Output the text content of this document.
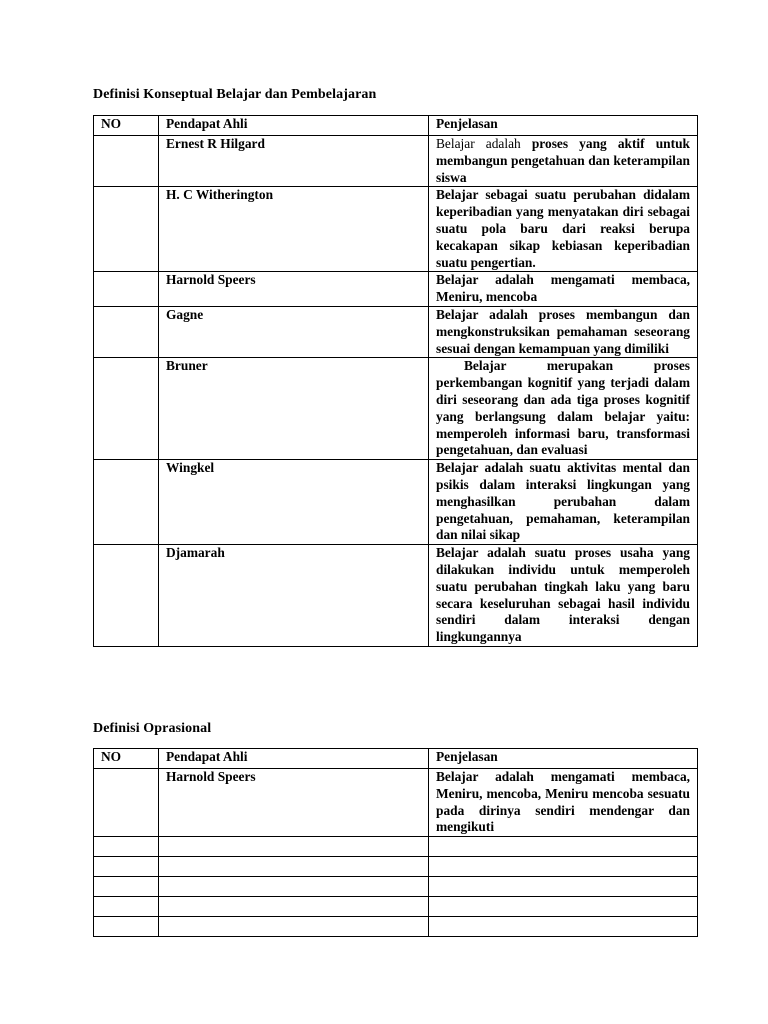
Definisi Konseptual Belajar dan Pembelajaran
NO	Pendapat Ahli	Penjelasan
	Ernest R Hilgard	Belajar adalah proses yang aktif untuk membangun pengetahuan dan keterampilan siswa
	H. C Witherington	Belajar sebagai suatu perubahan didalam keperibadian yang menyatakan diri sebagai suatu pola baru dari reaksi berupa kecakapan sikap kebiasan keperibadian suatu pengertian.
	Harnold Speers	Belajar adalah mengamati membaca, Meniru, mencoba
	Gagne	Belajar adalah proses membangun dan mengkonstruksikan pemahaman seseorang sesuai dengan kemampuan yang dimiliki
	Bruner	Belajar merupakan proses perkembangan kognitif yang terjadi dalam diri seseorang dan ada tiga proses kognitif yang berlangsung dalam belajar yaitu: memperoleh informasi baru, transformasi pengetahuan, dan evaluasi
	Wingkel	Belajar adalah suatu aktivitas mental dan psikis dalam interaksi lingkungan yang menghasilkan perubahan dalam pengetahuan, pemahaman, keterampilan dan nilai sikap
	Djamarah	Belajar adalah suatu proses usaha yang dilakukan individu untuk memperoleh suatu perubahan tingkah laku yang baru secara keseluruhan sebagai hasil individu sendiri dalam interaksi dengan lingkungannya
Definisi Oprasional
NO	Pendapat Ahli	Penjelasan
	Harnold Speers	Belajar adalah mengamati membaca, Meniru, mencoba, Meniru mencoba sesuatu pada dirinya sendiri mendengar dan mengikuti
